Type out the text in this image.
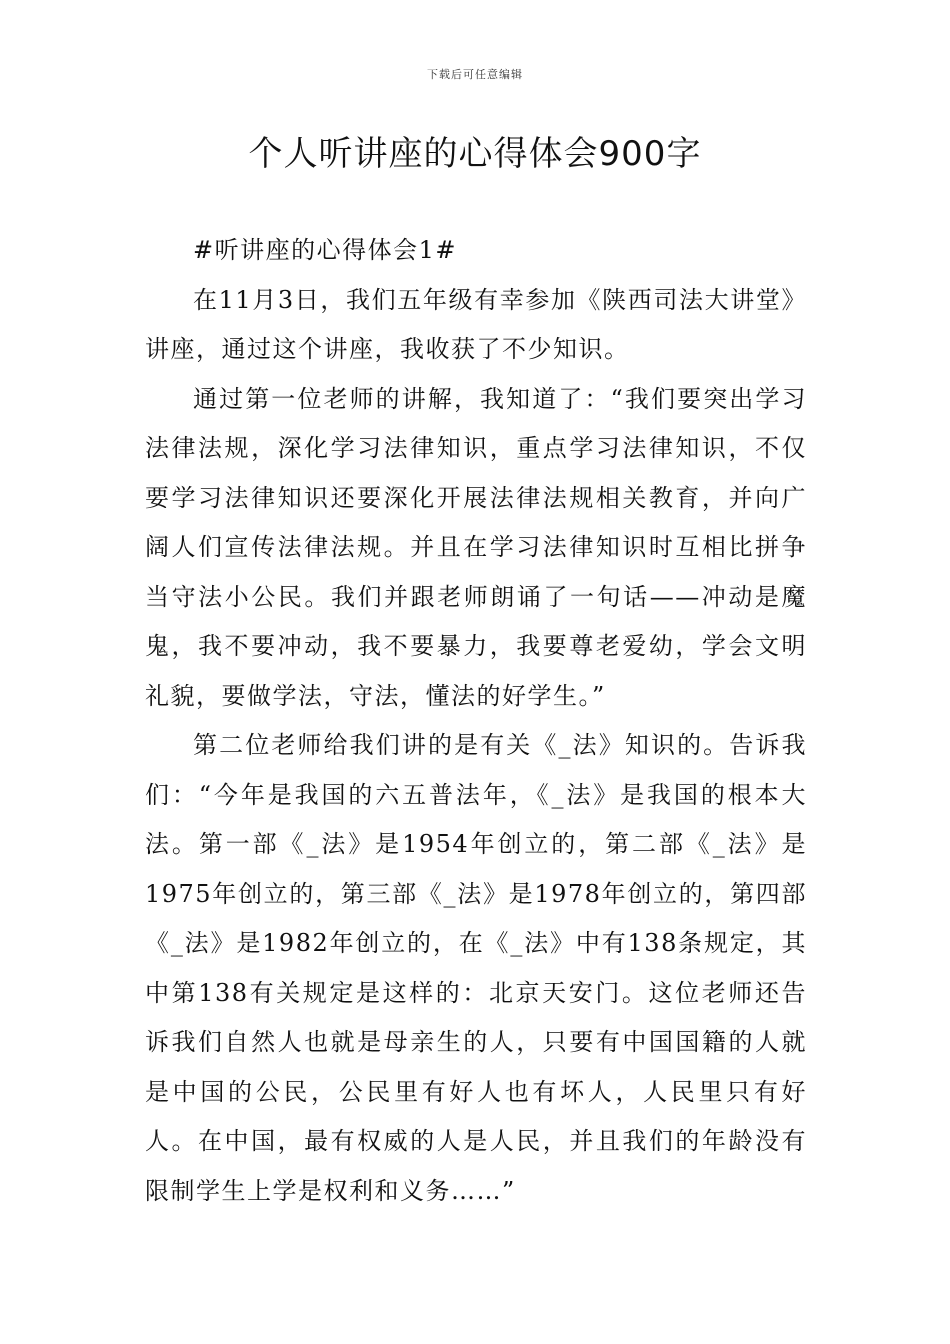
下载后可任意编辑
个人听讲座的心得体会900字

#听讲座的心得体会1#

在11月3日，我们五年级有幸参加《陕西司法大讲堂》讲座，通过这个讲座，我收获了不少知识。

通过第一位老师的讲解，我知道了：“我们要突出学习法律法规，深化学习法律知识，重点学习法律知识，不仅要学习法律知识还要深化开展法律法规相关教育，并向广阔人们宣传法律法规。并且在学习法律知识时互相比拼争当守法小公民。我们并跟老师朗诵了一句话——冲动是魔鬼，我不要冲动，我不要暴力，我要尊老爱幼，学会文明礼貌，要做学法，守法，懂法的好学生。”

第二位老师给我们讲的是有关《_法》知识的。告诉我们：“今年是我国的六五普法年，《_法》是我国的根本大法。第一部《_法》是1954年创立的，第二部《_法》是1975年创立的，第三部《_法》是1978年创立的，第四部《_法》是1982年创立的，在《_法》中有138条规定，其中第138有关规定是这样的：北京天安门。这位老师还告诉我们自然人也就是母亲生的人，只要有中国国籍的人就是中国的公民，公民里有好人也有坏人，人民里只有好人。在中国，最有权威的人是人民，并且我们的年龄没有限制学生上学是权利和义务……”
